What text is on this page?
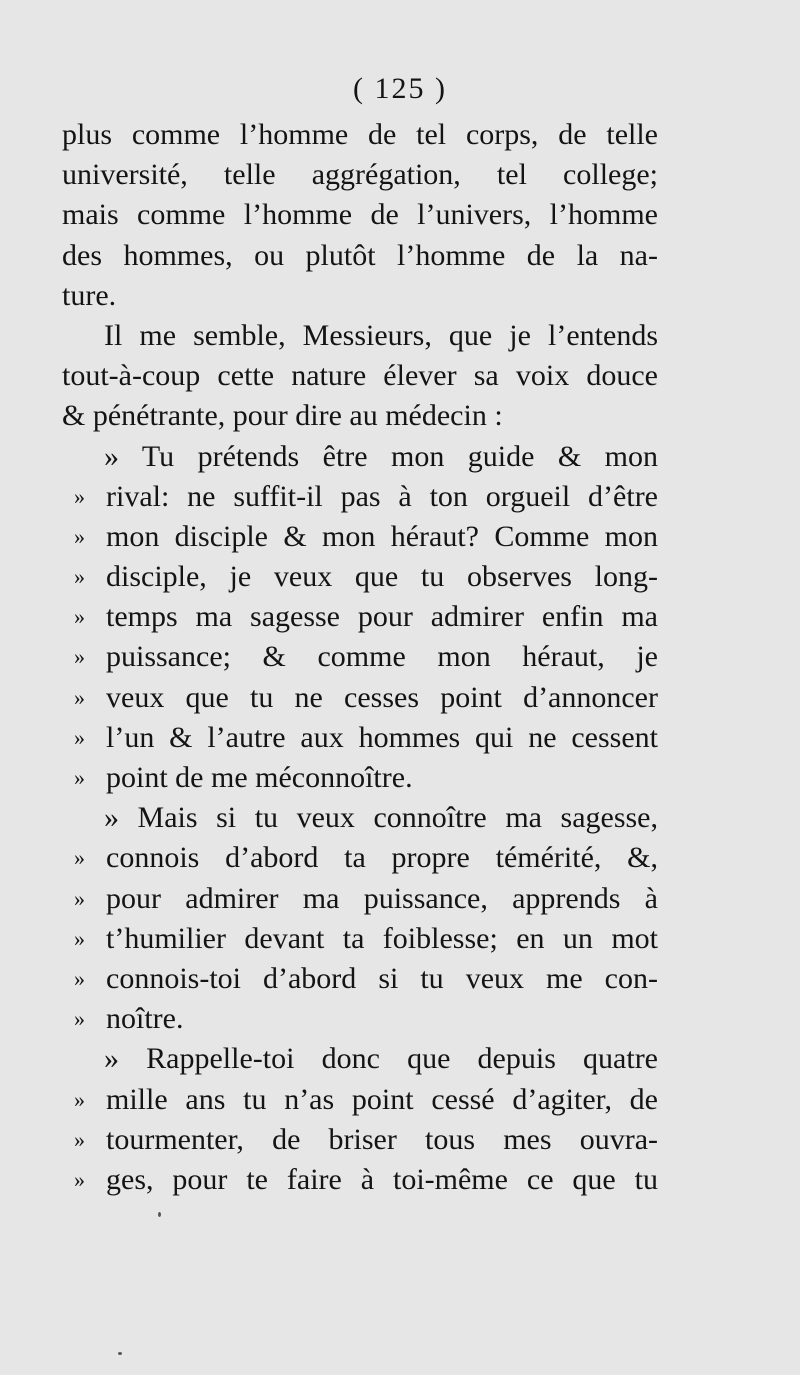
( 125 )
plus comme l’homme de tel corps, de telle
université, telle aggrégation, tel college;
mais comme l’homme de l’univers, l’homme
des hommes, ou plutôt l’homme de la na-
ture.
Il me semble, Messieurs, que je l’entends
tout-à-coup cette nature élever sa voix douce
& pénétrante, pour dire au médecin :
» Tu prétends être mon guide & mon
» rival: ne suffit-il pas à ton orgueil d’être
» mon disciple & mon héraut? Comme mon
» disciple, je veux que tu observes long-
» temps ma sagesse pour admirer enfin ma
» puissance; & comme mon héraut, je
» veux que tu ne cesses point d’annoncer
» l’un & l’autre aux hommes qui ne cessent
» point de me méconnoître.
» Mais si tu veux connoître ma sagesse,
» connois d’abord ta propre témérité, &,
» pour admirer ma puissance, apprends à
» t’humilier devant ta foiblesse; en un mot
» connois-toi d’abord si tu veux me con-
» noître.
» Rappelle-toi donc que depuis quatre
» mille ans tu n’as point cessé d’agiter, de
» tourmenter, de briser tous mes ouvra-
» ges, pour te faire à toi-même ce que tu
